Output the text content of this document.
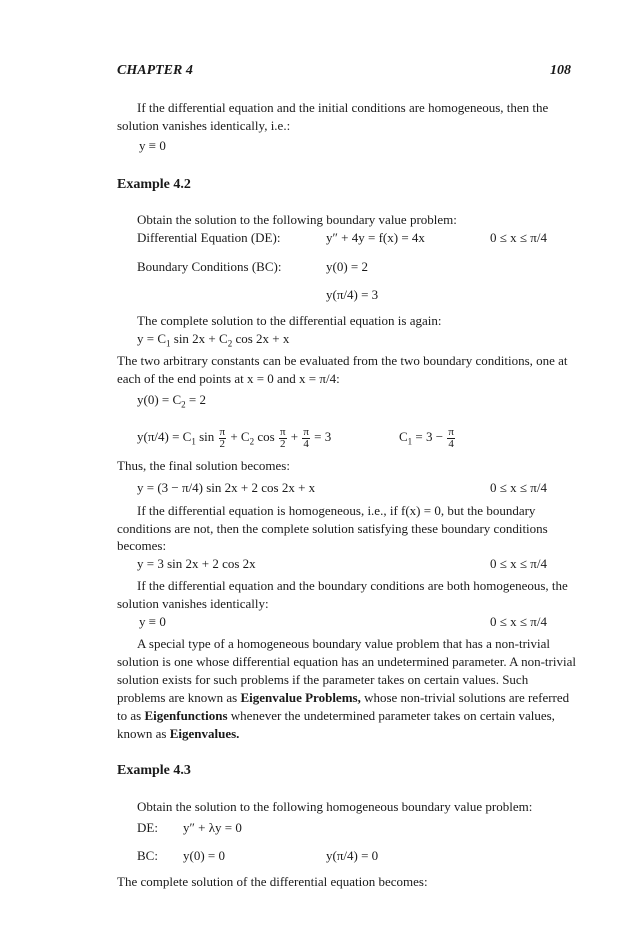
CHAPTER 4	108
If the differential equation and the initial conditions are homogeneous, then the
solution vanishes identically, i.e.:
y ≡ 0
Example 4.2
Obtain the solution to the following boundary value problem:
Differential Equation (DE):	y″ + 4y = f(x) = 4x	0 ≤ x ≤ π/4
Boundary Conditions (BC):	y(0) = 2
y(π/4) = 3
The complete solution to the differential equation is again:
$y = C_1$ $\sin 2x + C_2$ cos 2x + x
The two arbitrary constants can be evaluated from the two boundary conditions, one at
each of the end points at x = 0 and x = π/4:
$y(0) = C_2 = 2$
$y(\pi/4) = C_1$ $\sin \frac{\pi}{2} + C_2$ $\cos \frac{\pi}{2} + \frac{\pi}{4} = 3$	$C_1 = 3 - \frac{\pi}{4}$
Thus, the final solution becomes:
y = (3 − π/4) sin 2x + 2 cos 2x + x	0 ≤ x ≤ π/4
If the differential equation is homogeneous, i.e., if f(x) = 0, but the boundary
conditions are not, then the complete solution satisfying these boundary conditions
becomes:
y = 3 sin 2x + 2 cos 2x	0 ≤ x ≤ π/4
If the differential equation and the boundary conditions are both homogeneous, the
solution vanishes identically:
y ≡ 0	0 ≤ x ≤ π/4
A special type of a homogeneous boundary value problem that has a non-trivial
solution is one whose differential equation has an undetermined parameter. A non-trivial
solution exists for such problems if the parameter takes on certain values. Such
problems are known as Eigenvalue Problems, whose non-trivial solutions are referred
to as Eigenfunctions whenever the undetermined parameter takes on certain values,
known as Eigenvalues.
Example 4.3
Obtain the solution to the following homogeneous boundary value problem:
DE: y″ + λy = 0
BC: y(0) = 0	y(π/4) = 0
The complete solution of the differential equation becomes:
